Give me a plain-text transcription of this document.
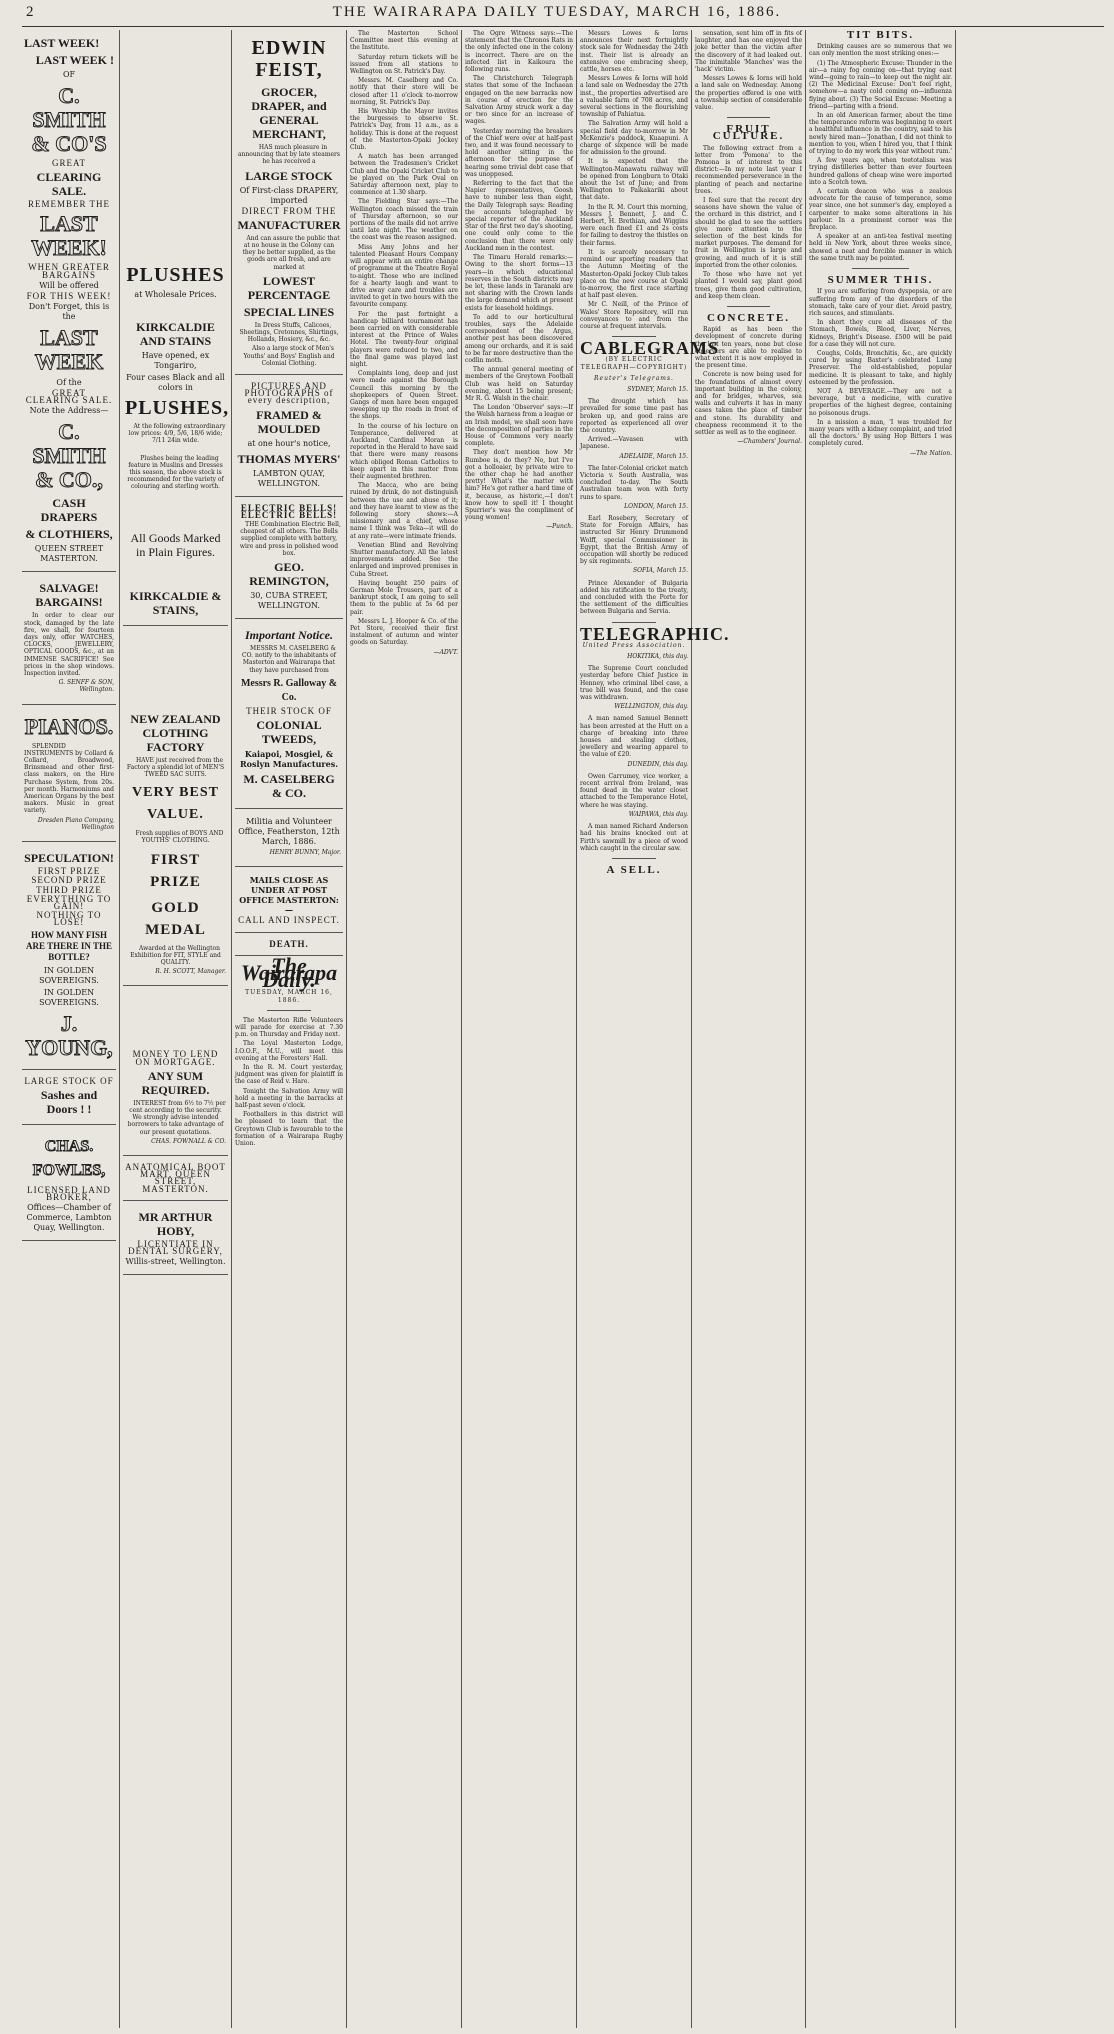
2	THE WAIRARAPA DAILY TUESDAY, MARCH 16, 1886.
LAST WEEK!
LAST WEEK !
OF
C. SMITH & CO'S
GREAT
CLEARING SALE.
REMEMBER THE
LAST WEEK!
WHEN GREATER BARGAINS
Will be offered
FOR THIS WEEK!
Don't Forget, this is the
LAST WEEK
Of the
GREAT CLEARING SALE.
Note the Address—
C. SMITH & CO.,
CASH DRAPERS
& CLOTHIERS,
QUEEN STREET MASTERTON.
SALVAGE! BARGAINS!
In order to clear our stock, damaged by the late fire, we shall, for fourteen days only, offer WATCHES, CLOCKS, JEWELLERY, OPTICAL GOODS, &c., at an IMMENSE SACRIFICE! See prices in the shop windows. Inspection invited.
G. SENFF & SON, Wellington.
PIANOS.
SPLENDID INSTRUMENTS by Collard & Collard, Broadwood, Brinsmead and other first-class makers, on the Hire Purchase System, from 20s. per month. Harmoniums and American Organs by the best makers. Music in great variety.
Dresden Piano Company, Wellington
SPECULATION!
FIRST PRIZE
SECOND PRIZE
THIRD PRIZE
EVERYTHING TO GAIN!
NOTHING TO LOSE!
HOW MANY FISH ARE THERE IN THE BOTTLE?
IN GOLDEN SOVEREIGNS.
IN GOLDEN SOVEREIGNS.
J. YOUNG,
LARGE STOCK OF
Sashes and Doors ! !
CHAS. FOWLES,
LICENSED LAND BROKER,
Offices—Chamber of Commerce, Lambton Quay, Wellington.
PLUSHES
at Wholesale Prices.
KIRKCALDIE AND STAINS
Have opened, ex Tongariro,
Four cases Black and all colors in
PLUSHES,
At the following extraordinary low prices: 4/9, 5/6, 18/6 wide; 7/11 24in wide.
Plushes being the leading feature in Muslins and Dresses this season, the above stock is recommended for the variety of colouring and sterling worth.
All Goods Marked in Plain Figures.
KIRKCALDIE & STAINS,
NEW ZEALAND CLOTHING FACTORY
HAVE just received from the Factory a splendid lot of MEN'S TWEED SAC SUITS.
VERY BEST VALUE.
Fresh supplies of BOYS AND YOUTHS' CLOTHING.
FIRST PRIZE
GOLD MEDAL
Awarded at the Wellington Exhibition for FIT, STYLE and QUALITY.
R. H. SCOTT, Manager.
MONEY TO LEND ON MORTGAGE.
ANY SUM REQUIRED.
INTEREST from 6½ to 7½ per cent according to the security. We strongly advise intended borrowers to take advantage of our present quotations.
CHAS. FOWNALL & CO.
ANATOMICAL BOOT MART, QUEEN STREET, MASTERTON.
MR ARTHUR HOBY,
LICENTIATE IN DENTAL SURGERY,
Willis-street, Wellington.
EDWIN FEIST,
GROCER, DRAPER, and GENERAL MERCHANT,
HAS much pleasure in announcing that by late steamers he has received a
LARGE STOCK
Of First-class DRAPERY, imported
DIRECT FROM THE
MANUFACTURER
And can assure the public that at no house in the Colony can they be better supplied, as the goods are all fresh, and are marked at
LOWEST PERCENTAGE
SPECIAL LINES
In Dress Stuffs, Calicoes, Sheetings, Cretonnes, Shirtings, Hollands, Hosiery, &c., &c.
Also a large stock of Men's Youths' and Boys' English and Colonial Clothing.
PICTURES AND PHOTOGRAPHS of every description,
FRAMED & MOULDED
at one hour's notice,
THOMAS MYERS'
LAMBTON QUAY, WELLINGTON.
ELECTRIC BELLS! ELECTRIC BELLS!
THE Combination Electric Bell, cheapest of all others. The Bells supplied complete with battery, wire and press in polished wood box.
GEO. REMINGTON,
30, CUBA STREET, WELLINGTON.
Important Notice.
MESSRS M. CASELBERG & CO. notify to the inhabitants of Masterton and Wairarapa that they have purchased from
Messrs R. Galloway & Co.
THEIR STOCK OF
COLONIAL TWEEDS,
Kaiapoi, Mosgiel, & Roslyn Manufactures.
M. CASELBERG & CO.
Militia and Volunteer Office, Featherston, 12th March, 1886.
HENRY BUNNY, Major.
MAILS CLOSE AS UNDER AT POST OFFICE MASTERTON:—
CALL AND INSPECT.
DEATH.
The Wairarapa Daily.
TUESDAY, MARCH 16, 1886.
The Masterton Rifle Volunteers will parade for exercise at 7.30 p.m. on Thursday and Friday next.
The Loyal Masterton Lodge, I.O.O.F., M.U., will meet this evening at the Foresters' Hall.
In the R. M. Court yesterday, judgment was given for plaintiff in the case of Reid v. Hare.
Tonight the Salvation Army will hold a meeting in the barracks at half-past seven o'clock.
Footballers in this district will be pleased to learn that the Greytown Club is favourable to the formation of a Wairarapa Rugby Union.
The Masterton School Committee meet this evening at the Institute.
Saturday return tickets will be issued from all stations to Wellington on St. Patrick's Day.
Messrs. M. Caselberg and Co. notify that their store will be closed after 11 o'clock to-morrow morning, St. Patrick's Day.
His Worship the Mayor invites the burgesses to observe St. Patrick's Day, from 11 a.m., as a holiday. This is done at the request of the Masterton-Opaki Jockey Club.
A match has been arranged between the Tradesmen's Cricket Club and the Opaki Cricket Club to be played on the Park Oval on Saturday afternoon next, play to commence at 1.30 sharp.
The Fielding Star says:—The Wellington coach missed the train of Thursday afternoon, so our portions of the mails did not arrive until late night. The weather on the coast was the reason assigned.
Miss Amy Johns and her talented Pleasant Hours Company will appear with an entire change of programme at the Theatre Royal to-night. Those who are inclined for a hearty laugh and want to drive away care and troubles are invited to get in two hours with the favourite company.
For the past fortnight a handicap billiard tournament has been carried on with considerable interest at the Prince of Wales Hotel. The twenty-four original players were reduced to two, and the final game was played last night.
Complaints long, deep and just were made against the Borough Council this morning by the shopkeepers of Queen Street. Gangs of men have been engaged sweeping up the roads in front of the shops.
In the course of his lecture on Temperance, delivered at Auckland, Cardinal Moran is reported in the Herald to have said that there were many reasons which obliged Roman Catholics to keep apart in this matter from their augmented brethren.
The Macca, who are being ruined by drink, do not distinguish between the use and abuse of it; and they have learnt to view as the following story shows:—A missionary and a chief, whose name I think was Teka—it will do at any rate—were intimate friends.
Venetian Blind and Revolving Shutter manufactory. All the latest improvements added. See the enlarged and improved premises in Cuba Street.
Having bought 250 pairs of German Mole Trousers, part of a bankrupt stock, I am going to sell them to the public at 5s 6d per pair.
Messrs L. J. Hooper & Co. of the Pet Store, received their first instalment of autumn and winter goods on Saturday.
—ADVT.
The Ogre Witness says:—The statement that the Chronos Rats in the only infected one in the colony is incorrect. There are on the infected list in Kaikoura the following runs.
The Christchurch Telegraph states that some of the Inchaean engaged on the new barracks now in course of erection for the Salvation Army struck work a day or two since for an increase of wages.
Yesterday morning the breakers of the Chief were over at half-past two, and it was found necessary to hold another sitting in the afternoon for the purpose of hearing some trivial debt case that was unopposed.
Referring to the fact that the Napier representatives, Goosh have to number less than eight, the Daily Telegraph says: Reading the accounts telegraphed by special reporter of the Auckland Star of the first two day's shooting, one could only come to the conclusion that there were only Auckland men in the contest.
The Timaru Herald remarks:—Owing to the short forms—13 years—in which educational reserves in the South districts may be let, these lands in Taranaki are not sharing with the Crown lands the large demand which at present exists for leasehold holdings.
To add to our horticultural troubles, says the Adelaide correspondent of the Argus, another pest has been discovered among our orchards, and it is said to be far more destructive than the codlin moth.
The annual general meeting of members of the Greytown Football Club was held on Saturday evening, about 15 being present; Mr R. G. Walsh in the chair.
The London 'Observer' says:—If the Welsh harness from a league or an Irish model, we shall soon have the decomposition of parties in the House of Commons very nearly complete.
They don't mention how Mr Rumboe is, do they? No, but I've got a holloaier, by private wire to the other chap he had another pretty! What's the matter with him? He's got rather a hard time of it, because, as historic,—I don't know how to spell it! I thought Spurrier's was the compliment of young women!
—Punch.
Messrs Lowes & Iorns announces their next fortnightly stock sale for Wednesday the 24th inst. Their list is already an extensive one embracing sheep, cattle, horses etc.
Messrs Lowes & Iorns will hold a land sale on Wednesday the 27th inst., the properties advertised are a valuable farm of 708 acres, and several sections in the flourishing township of Pahiatua.
The Salvation Army will hold a special field day to-morrow in Mr McKenzie's paddock, Kuaapuni. A charge of sixpence will be made for admission to the ground.
It is expected that the Wellington-Manawatu railway will be opened from Longburn to Otaki about the 1st of June; and from Wellington to Paikakariki about that date.
In the R. M. Court this morning, Messrs J. Bennett, J. and C. Herbert, H. Brethian, and Wiggins were each fined £1 and 2s costs for failing to destroy the thistles on their farms.
It is scarcely necessary to remind our sporting readers that the Autumn Meeting of the Masterton-Opaki Jockey Club takes place on the new course at Opaki to-morrow, the first race starting at half past eleven.
Mr C. Neill, of the Prince of Wales' Store Repository, will run conveyances to and from the course at frequent intervals.
CABLEGRAMS
(BY ELECTRIC TELEGRAPH—COPYRIGHT)
Reuter's Telegrams.
SYDNEY, March 15.
The drought which has prevailed for some time past has broken up, and good rains are reported as experienced all over the country.
Arrived.—Vavasen with Japanese.
ADELAIDE, March 15.
The Inter-Colonial cricket match Victoria v. South Australia, was concluded to-day. The South Australian team won with forty runs to spare.
LONDON, March 15.
Earl Rosebery, Secretary of State for Foreign Affairs, has instructed Sir Henry Drummond Wolff, special Commissioner in Egypt, that the British Army of occupation will shortly be reduced by six regiments.
SOFIA, March 15.
Prince Alexander of Bulgaria added his ratification to the treaty, and concluded with the Porte for the settlement of the difficulties between Bulgaria and Servia.
TELEGRAPHIC.
United Press Association.
HOKITIKA, this day.
The Supreme Court concluded yesterday before Chief Justice in Henney, who criminal libel case, a true bill was found, and the case was withdrawn.
WELLINGTON, this day.
A man named Samuel Bennett has been arrested at the Hutt on a charge of breaking into three houses and stealing clothes, jewellery and wearing apparel to the value of £20.
DUNEDIN, this day.
Owen Carrumey, vice worker, a recent arrival from Ireland, was found dead in the water closet attached to the Temperance Hotel, where he was staying.
WAIPAWA, this day.
A man named Richard Anderson had his brains knocked out at Firth's sawmill by a piece of wood which caught in the circular saw.
A SELL.
sensation, sent him off in fits of laughter, and has one enjoyed the joke better than the victim after the discovery of it had leaked out. The inimitable 'Manches' was the 'hack' victim.
Messrs Lowes & Iorns will hold a land sale on Wednesday. Among the properties offered is one with a township section of considerable value.
FRUIT CULTURE.
The following extract from a letter from 'Pomona' to the Pomona is of interest to this district:—In my note last year I recommended perseverance in the planting of peach and nectarine trees.
I feel sure that the recent dry seasons have shown the value of the orchard in this district, and I should be glad to see the settlers give more attention to the selection of the best kinds for market purposes. The demand for fruit in Wellington is large and growing, and much of it is still imported from the other colonies.
To those who have not yet planted I would say, plant good trees, give them good cultivation, and keep them clean.
CONCRETE.
Rapid as has been the development of concrete during the last ten years, none but close observers are able to realise to what extent it is now employed in the present time.
Concrete is now being used for the foundations of almost every important building in the colony, and for bridges, wharves, sea walls and culverts it has in many cases taken the place of timber and stone. Its durability and cheapness recommend it to the settler as well as to the engineer.
—Chambers' Journal.
TIT BITS.
Drinking causes are so numerous that we can only mention the most striking ones:—
(1) The Atmospheric Excuse: Thunder in the air—a rainy fog coming on—that trying east wind—going to rain—to keep out the night air. (2) The Medicinal Excuse: Don't feel right, somehow—a nasty cold coming on—influenza flying about. (3) The Social Excuse: Meeting a friend—parting with a friend.
In an old American farmer, about the time the temperance reform was beginning to exert a healthful influence in the country, said to his newly hired man—'Jonathan, I did not think to mention to you, when I hired you, that I think of trying to do my work this year without rum.'
A few years ago, when teetotalism was trying distilleries better than ever fourteen hundred gallons of cheap wine were imported into a Scotch town.
A certain deacon who was a zealous advocate for the cause of temperance, some year since, one hot summer's day, employed a carpenter to make some alterations in his parlour. In a prominent corner was the fireplace.
A speaker at an anti-tea festival meeting held in New York, about three weeks since, showed a neat and forcible manner in which the same truth may be pointed.
SUMMER THIS.
If you are suffering from dyspepsia, or are suffering from any of the disorders of the stomach, take care of your diet. Avoid pastry, rich sauces, and stimulants.
In short they cure all diseases of the Stomach, Bowels, Blood, Liver, Nerves, Kidneys, Bright's Disease. £500 will be paid for a case they will not cure.
Coughs, Colds, Bronchitis, &c., are quickly cured by using Baxter's celebrated Lung Preserver. The old-established, popular medicine. It is pleasant to take, and highly esteemed by the profession.
NOT A BEVERAGE.—They are not a beverage, but a medicine, with curative properties of the highest degree, containing no poisonous drugs.
In a mission a man, 'I was troubled for many years with a kidney complaint, and tried all the doctors.' By using Hop Bitters I was completely cured.
—The Nation.
